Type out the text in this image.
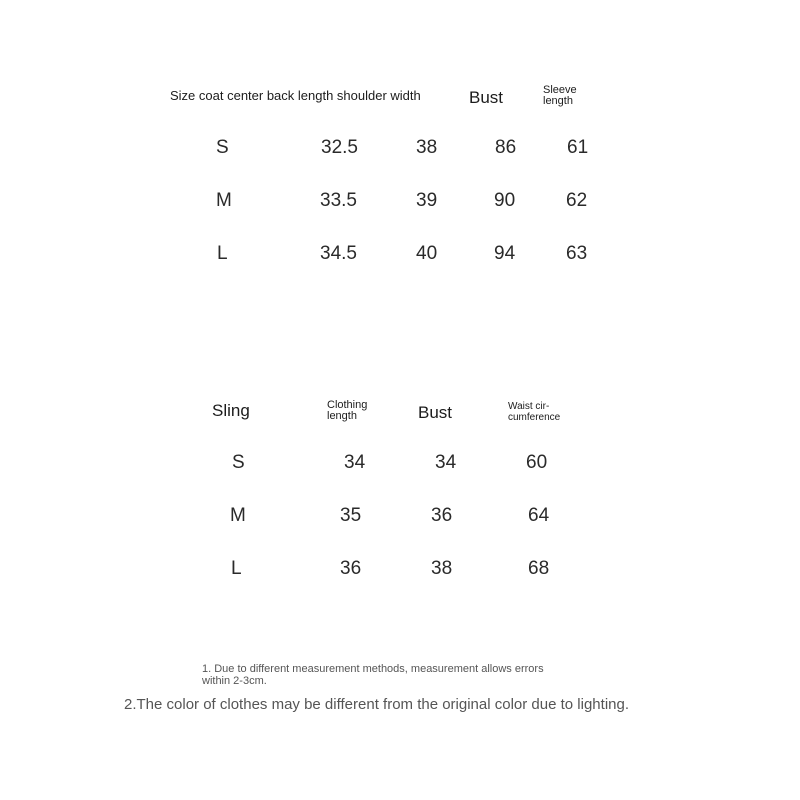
Size coat center back length shoulder width	Bust	Sleeve
length
S	32.5	38	86	61
M	33.5	39	90	62
L	34.5	40	94	63
Sling	Clothing
length	Bust	Waist cir-
cumference
S	34	34	60
M	35	36	64
L	36	38	68
1. Due to different measurement methods, measurement allows errors
within 2-3cm.
2.The color of clothes may be different from the original color due to lighting.
